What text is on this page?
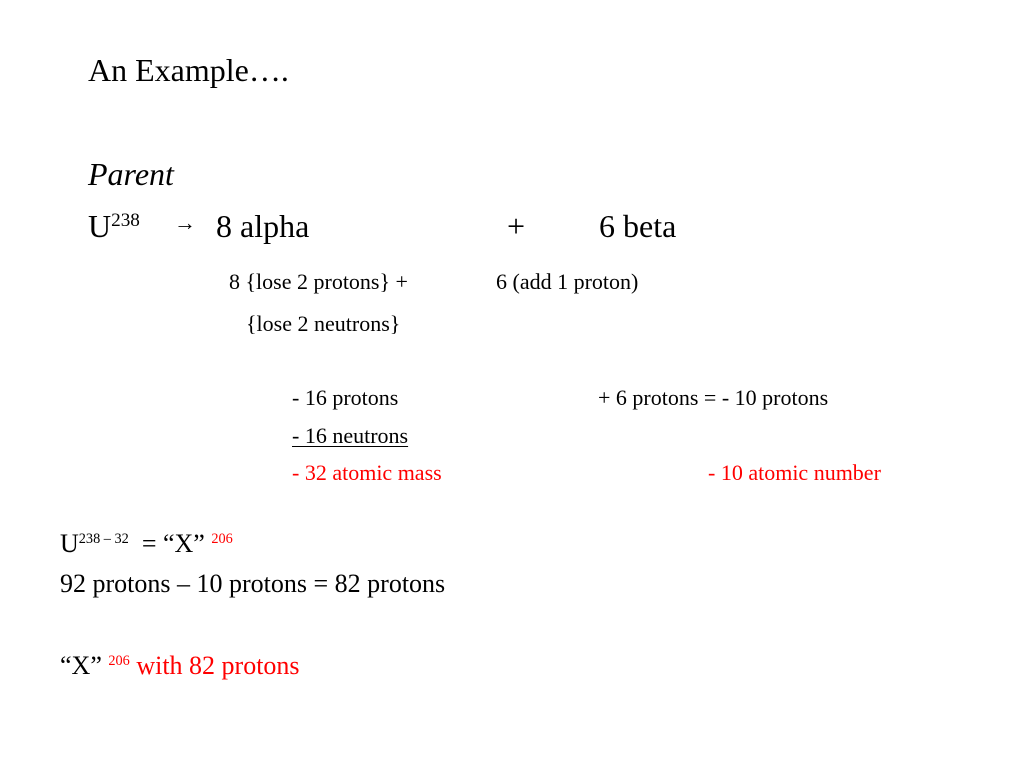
An Example….
Parent
$U^{238} \to 8$ alpha	+ 6 beta
8 {lose 2 protons} +	6 (add 1 proton)
{lose 2 neutrons}
- 16 protons	+ 6 protons = - 10 protons
- 16 neutrons
- 32 atomic mass	- 10 atomic number
$U^{238 - 32}$ = “X” $^{206}$
92 protons – 10 protons = 82 protons
“X” $^{206}$ with 82 protons
